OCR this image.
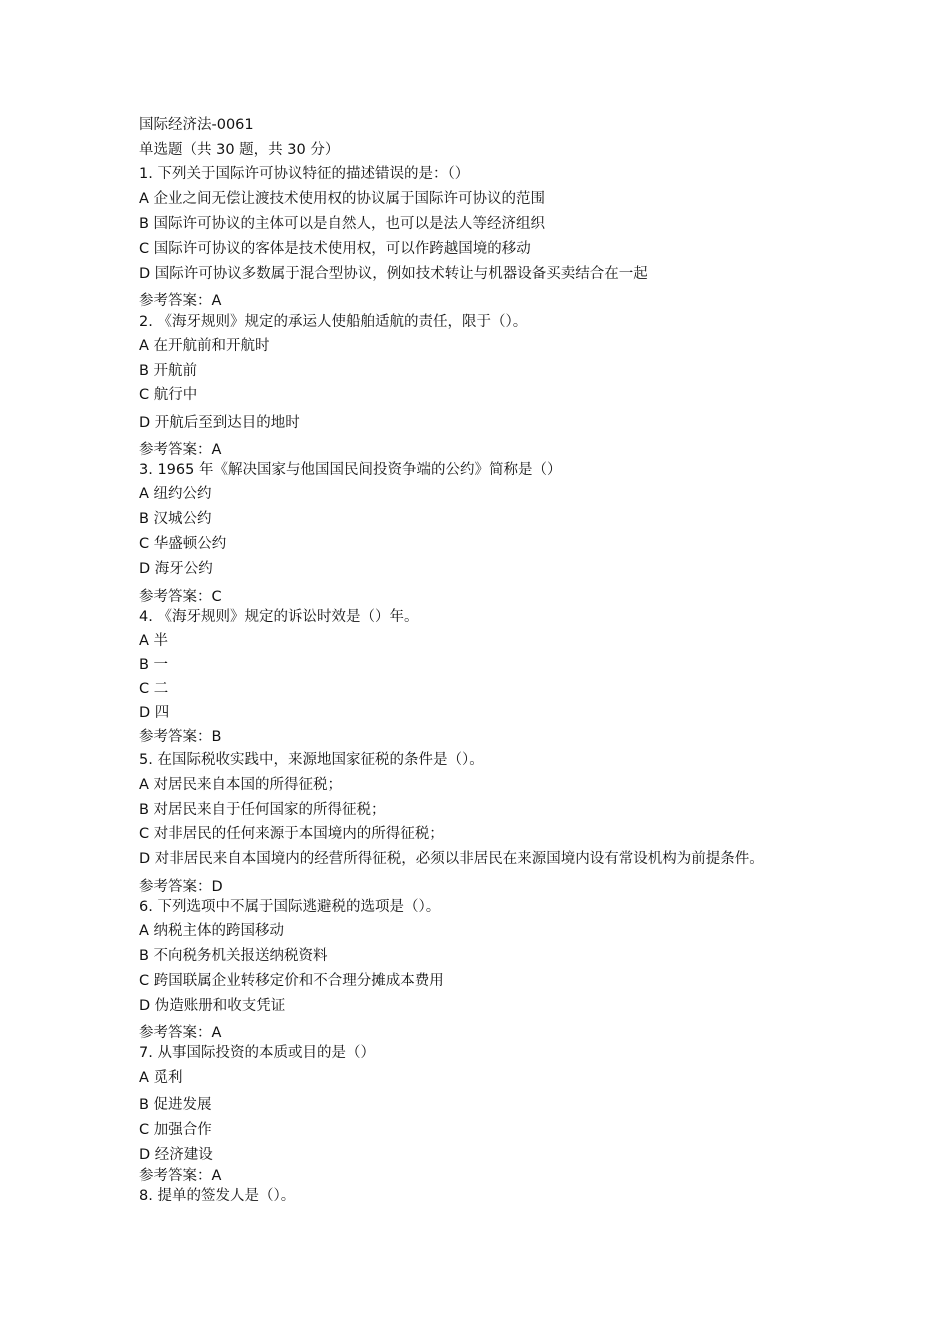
国际经济法-0061
单选题（共 30 题，共 30 分）
1. 下列关于国际许可协议特征的描述错误的是：（）
A 企业之间无偿让渡技术使用权的协议属于国际许可协议的范围
B 国际许可协议的主体可以是自然人，也可以是法人等经济组织
C 国际许可协议的客体是技术使用权，可以作跨越国境的移动
D 国际许可协议多数属于混合型协议，例如技术转让与机器设备买卖结合在一起
参考答案：A
2. 《海牙规则》规定的承运人使船舶适航的责任，限于（）。
A 在开航前和开航时
B 开航前
C 航行中
D 开航后至到达目的地时
参考答案：A
3. 1965 年《解决国家与他国国民间投资争端的公约》简称是（）
A 纽约公约
B 汉城公约
C 华盛顿公约
D 海牙公约
参考答案：C
4. 《海牙规则》规定的诉讼时效是（）年。
A 半
B 一
C 二
D 四
参考答案：B
5. 在国际税收实践中，来源地国家征税的条件是（）。
A 对居民来自本国的所得征税；
B 对居民来自于任何国家的所得征税；
C 对非居民的任何来源于本国境内的所得征税；
D 对非居民来自本国境内的经营所得征税，必须以非居民在来源国境内设有常设机构为前提条件。
参考答案：D
6. 下列选项中不属于国际逃避税的选项是（）。
A 纳税主体的跨国移动
B 不向税务机关报送纳税资料
C 跨国联属企业转移定价和不合理分摊成本费用
D 伪造账册和收支凭证
参考答案：A
7. 从事国际投资的本质或目的是（）
A 觅利
B 促进发展
C 加强合作
D 经济建设
参考答案：A
8. 提单的签发人是（）。
